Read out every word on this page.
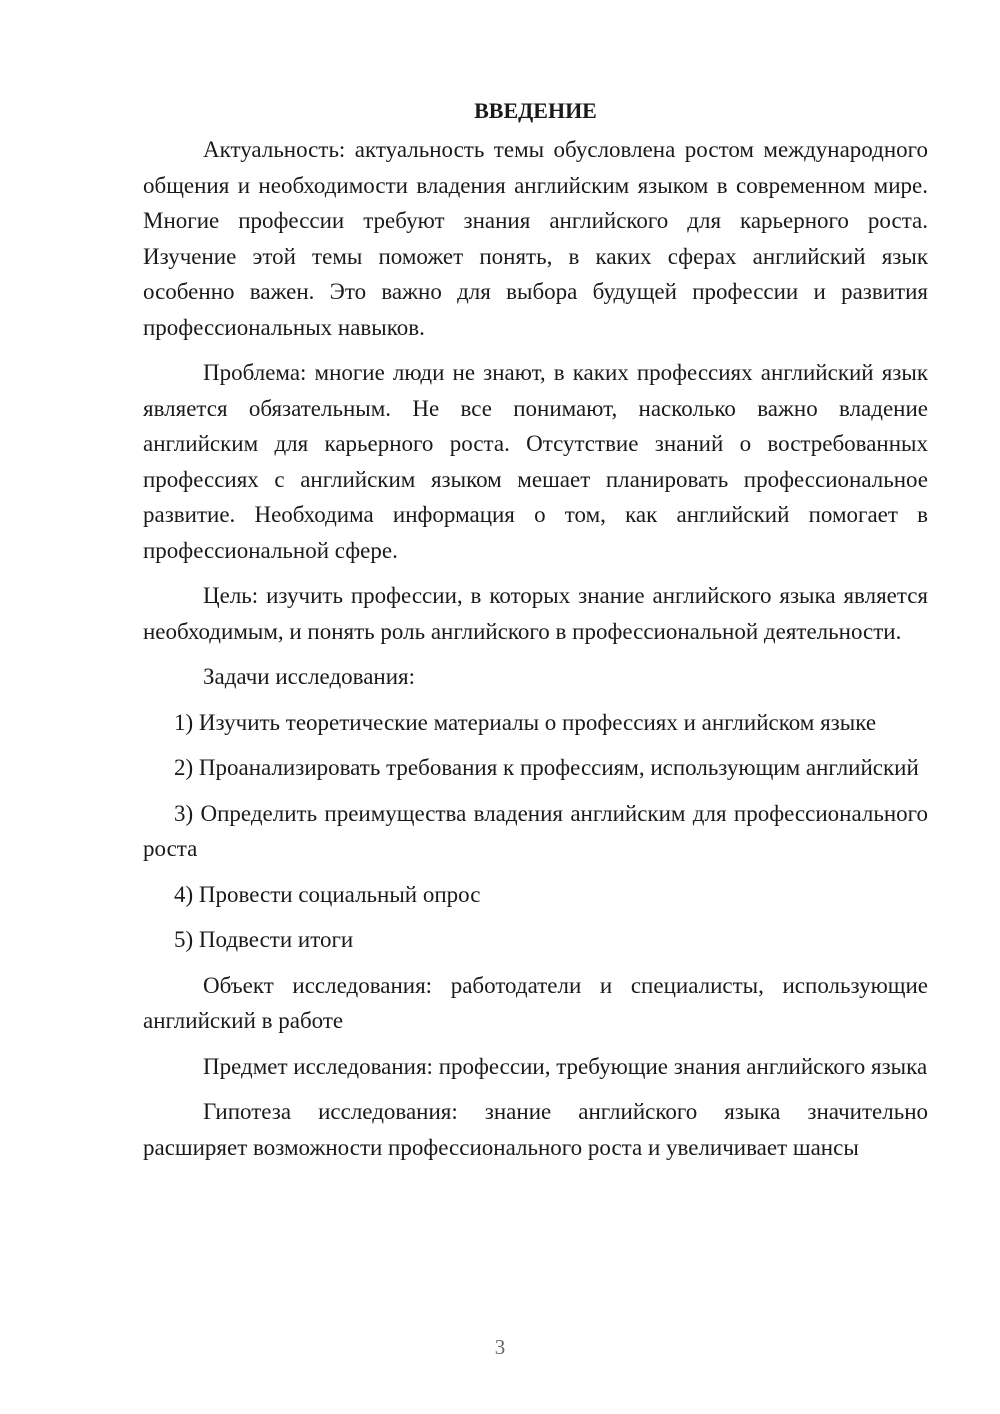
ВВЕДЕНИЕ

Актуальность: актуальность темы обусловлена ростом международного общения и необходимости владения английским языком в современном мире. Многие профессии требуют знания английского для карьерного роста. Изучение этой темы поможет понять, в каких сферах английский язык особенно важен. Это важно для выбора будущей профессии и развития профессиональных навыков.

Проблема: многие люди не знают, в каких профессиях английский язык является обязательным. Не все понимают, насколько важно владение английским для карьерного роста. Отсутствие знаний о востребованных профессиях с английским языком мешает планировать профессиональное развитие. Необходима информация о том, как английский помогает в профессиональной сфере.

Цель: изучить профессии, в которых знание английского языка является необходимым, и понять роль английского в профессиональной деятельности.

Задачи исследования:

1) Изучить теоретические материалы о профессиях и английском языке

2) Проанализировать требования к профессиям, использующим английский

3) Определить преимущества владения английским для профессионального роста

4) Провести социальный опрос

5) Подвести итоги

Объект исследования: работодатели и специалисты, использующие английский в работе

Предмет исследования: профессии, требующие знания английского языка

Гипотеза исследования: знание английского языка значительно расширяет возможности профессионального роста и увеличивает шансы

3
